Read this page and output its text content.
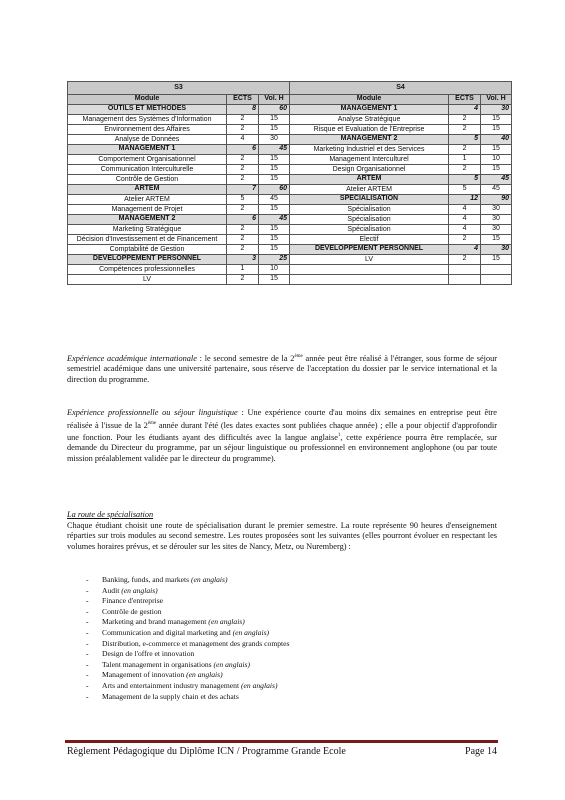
S3			S4		
Module	ECTS	Vol. H	Module	ECTS	Vol. H
OUTILS ET METHODES	8	60	MANAGEMENT 1	4	30
Management des Systèmes d'Information	2	15	Analyse Stratégique	2	15
Environnement des Affaires	2	15	Risque et Evaluation de l'Entreprise	2	15
Analyse de Données	4	30	MANAGEMENT 2	5	40
MANAGEMENT 1	6	45	Marketing Industriel et des Services	2	15
Comportement Organisationnel	2	15	Management Interculturel	1	10
Communication Interculturelle	2	15	Design Organisationnel	2	15
Contrôle de Gestion	2	15	ARTEM	5	45
ARTEM	7	60	Atelier ARTEM	5	45
Atelier ARTEM	5	45	SPECIALISATION	12	90
Management de Projet	2	15	Spécialisation	4	30
MANAGEMENT 2	6	45	Spécialisation	4	30
Marketing Stratégique	2	15	Spécialisation	4	30
Décision d'Investissement et de Financement	2	15	Electif	2	15
Comptabilité de Gestion	2	15	DEVELOPPEMENT PERSONNEL	4	30
DEVELOPPEMENT PERSONNEL	3	25	LV	2	15
Compétences professionnelles	1	10			
LV	2	15			
Expérience académique internationale : le second semestre de la 2ème année peut être réalisé à l'étranger, sous forme de séjour semestriel académique dans une université partenaire, sous réserve de l'acceptation du dossier par le service international et la direction du programme.
Expérience professionnelle ou séjour linguistique : Une expérience courte d'au moins dix semaines en entreprise peut être réalisée à l'issue de la 2ème année durant l'été (les dates exactes sont publiées chaque année) ; elle a pour objectif d'approfondir une fonction. Pour les étudiants ayant des difficultés avec la langue anglaise$^1$, cette expérience pourra être remplacée, sur demande du Directeur du programme, par un séjour linguistique ou professionnel en environnement anglophone (ou par toute mission préalablement validée par le directeur du programme).
La route de spécialisation
Chaque étudiant choisit une route de spécialisation durant le premier semestre. La route représente 90 heures d'enseignement réparties sur trois modules au second semestre. Les routes proposées sont les suivantes (elles pourront évoluer en respectant les volumes horaires prévus, et se dérouler sur les sites de Nancy, Metz, ou Nuremberg) :
- Banking, funds, and markets (en anglais)
- Audit (en anglais)
- Finance d'entreprise
- Contrôle de gestion
- Marketing and brand management (en anglais)
- Communication and digital marketing and (en anglais)
- Distribution, e-commerce et management des grands comptes
- Design de l'offre et innovation
- Talent management in organisations (en anglais)
- Management of innovation (en anglais)
- Arts and entertainment industry management (en anglais)
- Management de la supply chain et des achats
Règlement Pédagogique du Diplôme ICN / Programme Grande Ecole	Page 14
